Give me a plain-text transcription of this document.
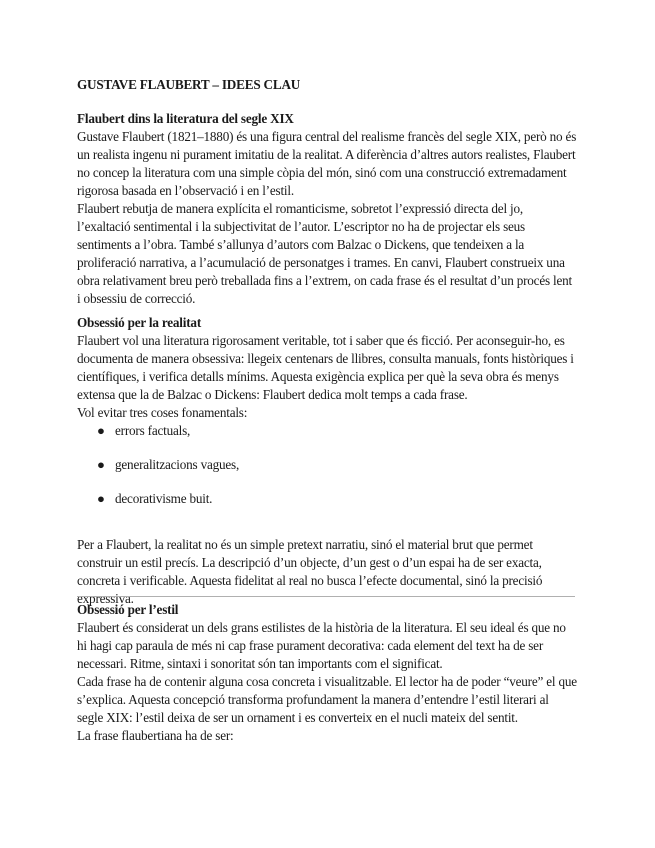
GUSTAVE FLAUBERT – IDEES CLAU
Flaubert dins la literatura del segle XIX

Gustave Flaubert (1821–1880) és una figura central del realisme francès del segle XIX, però no és un realista ingenu ni purament imitatiu de la realitat. A diferència d’altres autors realistes, Flaubert no concep la literatura com una simple còpia del món, sinó com una construcció extremadament rigorosa basada en l’observació i en l’estil.

Flaubert rebutja de manera explícita el romanticisme, sobretot l’expressió directa del jo, l’exaltació sentimental i la subjectivitat de l’autor. L’escriptor no ha de projectar els seus sentiments a l’obra. També s’allunya d’autors com Balzac o Dickens, que tendeixen a la proliferació narrativa, a l’acumulació de personatges i trames. En canvi, Flaubert construeix una obra relativament breu però treballada fins a l’extrem, on cada frase és el resultat d’un procés lent i obsessiu de correcció.

Obsessió per la realitat

Flaubert vol una literatura rigorosament veritable, tot i saber que és ficció. Per aconseguir-ho, es documenta de manera obsessiva: llegeix centenars de llibres, consulta manuals, fonts històriques i científiques, i verifica detalls mínims. Aquesta exigència explica per què la seva obra és menys extensa que la de Balzac o Dickens: Flaubert dedica molt temps a cada frase.

Vol evitar tres coses fonamentals:

● errors factuals,
● generalitzacions vagues,
● decorativisme buit.

Per a Flaubert, la realitat no és un simple pretext narratiu, sinó el material brut que permet construir un estil precís. La descripció d’un objecte, d’un gest o d’un espai ha de ser exacta, concreta i verificable. Aquesta fidelitat al real no busca l’efecte documental, sinó la precisió expressiva.

Obsessió per l’estil

Flaubert és considerat un dels grans estilistes de la història de la literatura. El seu ideal és que no hi hagi cap paraula de més ni cap frase purament decorativa: cada element del text ha de ser necessari. Ritme, sintaxi i sonoritat són tan importants com el significat.

Cada frase ha de contenir alguna cosa concreta i visualitzable. El lector ha de poder “veure” el que s’explica. Aquesta concepció transforma profundament la manera d’entendre l’estil literari al segle XIX: l’estil deixa de ser un ornament i es converteix en el nucli mateix del sentit.

La frase flaubertiana ha de ser:
